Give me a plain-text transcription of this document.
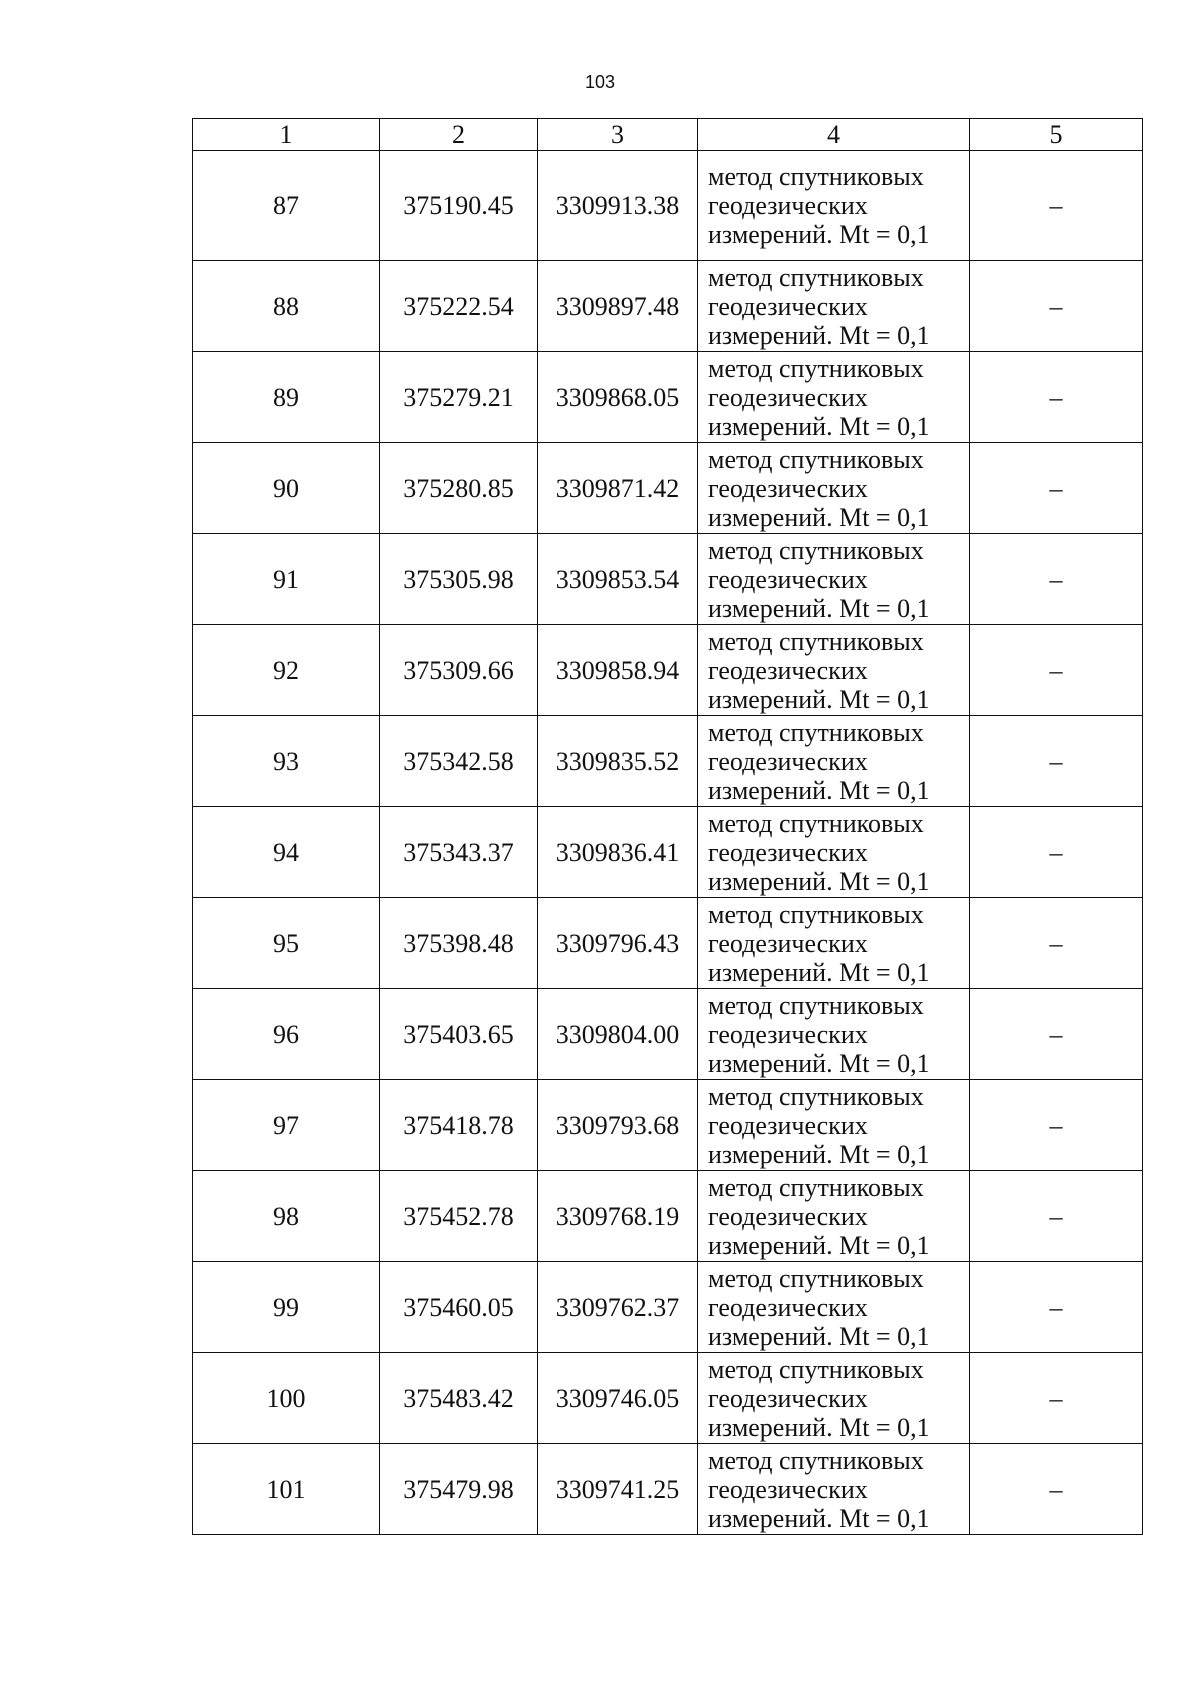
103
1	2	3	4	5
87	375190.45	3309913.38	метод спутниковых
геодезических
измерений. Mt = 0,1	–
88	375222.54	3309897.48	метод спутниковых
геодезических
измерений. Mt = 0,1	–
89	375279.21	3309868.05	метод спутниковых
геодезических
измерений. Mt = 0,1	–
90	375280.85	3309871.42	метод спутниковых
геодезических
измерений. Mt = 0,1	–
91	375305.98	3309853.54	метод спутниковых
геодезических
измерений. Mt = 0,1	–
92	375309.66	3309858.94	метод спутниковых
геодезических
измерений. Mt = 0,1	–
93	375342.58	3309835.52	метод спутниковых
геодезических
измерений. Mt = 0,1	–
94	375343.37	3309836.41	метод спутниковых
геодезических
измерений. Mt = 0,1	–
95	375398.48	3309796.43	метод спутниковых
геодезических
измерений. Mt = 0,1	–
96	375403.65	3309804.00	метод спутниковых
геодезических
измерений. Mt = 0,1	–
97	375418.78	3309793.68	метод спутниковых
геодезических
измерений. Mt = 0,1	–
98	375452.78	3309768.19	метод спутниковых
геодезических
измерений. Mt = 0,1	–
99	375460.05	3309762.37	метод спутниковых
геодезических
измерений. Mt = 0,1	–
100	375483.42	3309746.05	метод спутниковых
геодезических
измерений. Mt = 0,1	–
101	375479.98	3309741.25	метод спутниковых
геодезических
измерений. Mt = 0,1	–
